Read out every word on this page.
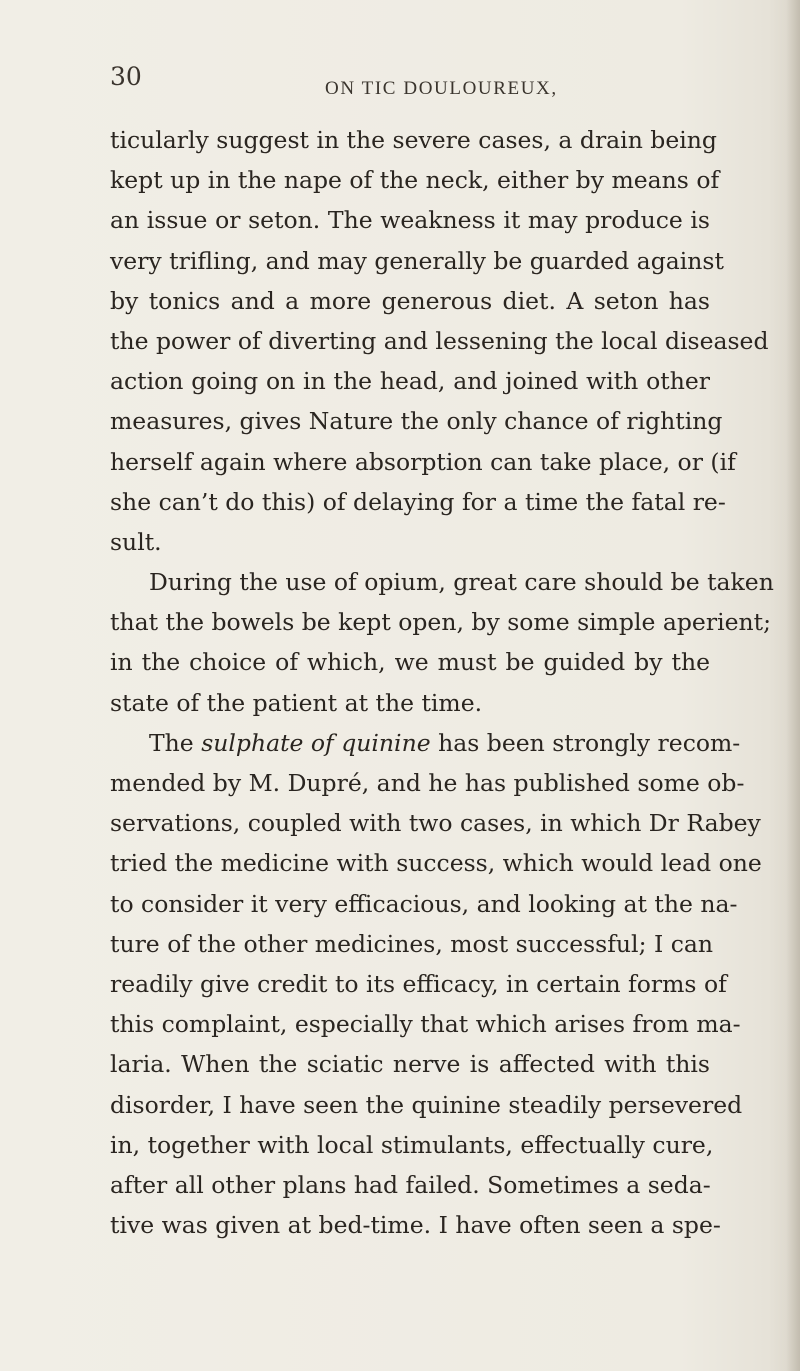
30	ON TIC DOULOUREUX,
ticularly suggest in the severe cases, a drain being
kept up in the nape of the neck, either by means of
an issue or seton. The weakness it may produce is
very trifling, and may generally be guarded against
by tonics and a more generous diet. A seton has
the power of diverting and lessening the local diseased
action going on in the head, and joined with other
measures, gives Nature the only chance of righting
herself again where absorption can take place, or (if
she can’t do this) of delaying for a time the fatal re-
sult.
During the use of opium, great care should be taken
that the bowels be kept open, by some simple aperient;
in the choice of which, we must be guided by the
state of the patient at the time.
The sulphate of quinine has been strongly recom-
mended by M. Dupré, and he has published some ob-
servations, coupled with two cases, in which Dr Rabey
tried the medicine with success, which would lead one
to consider it very efficacious, and looking at the na-
ture of the other medicines, most successful; I can
readily give credit to its efficacy, in certain forms of
this complaint, especially that which arises from ma-
laria. When the sciatic nerve is affected with this
disorder, I have seen the quinine steadily persevered
in, together with local stimulants, effectually cure,
after all other plans had failed. Sometimes a seda-
tive was given at bed-time. I have often seen a spe-
